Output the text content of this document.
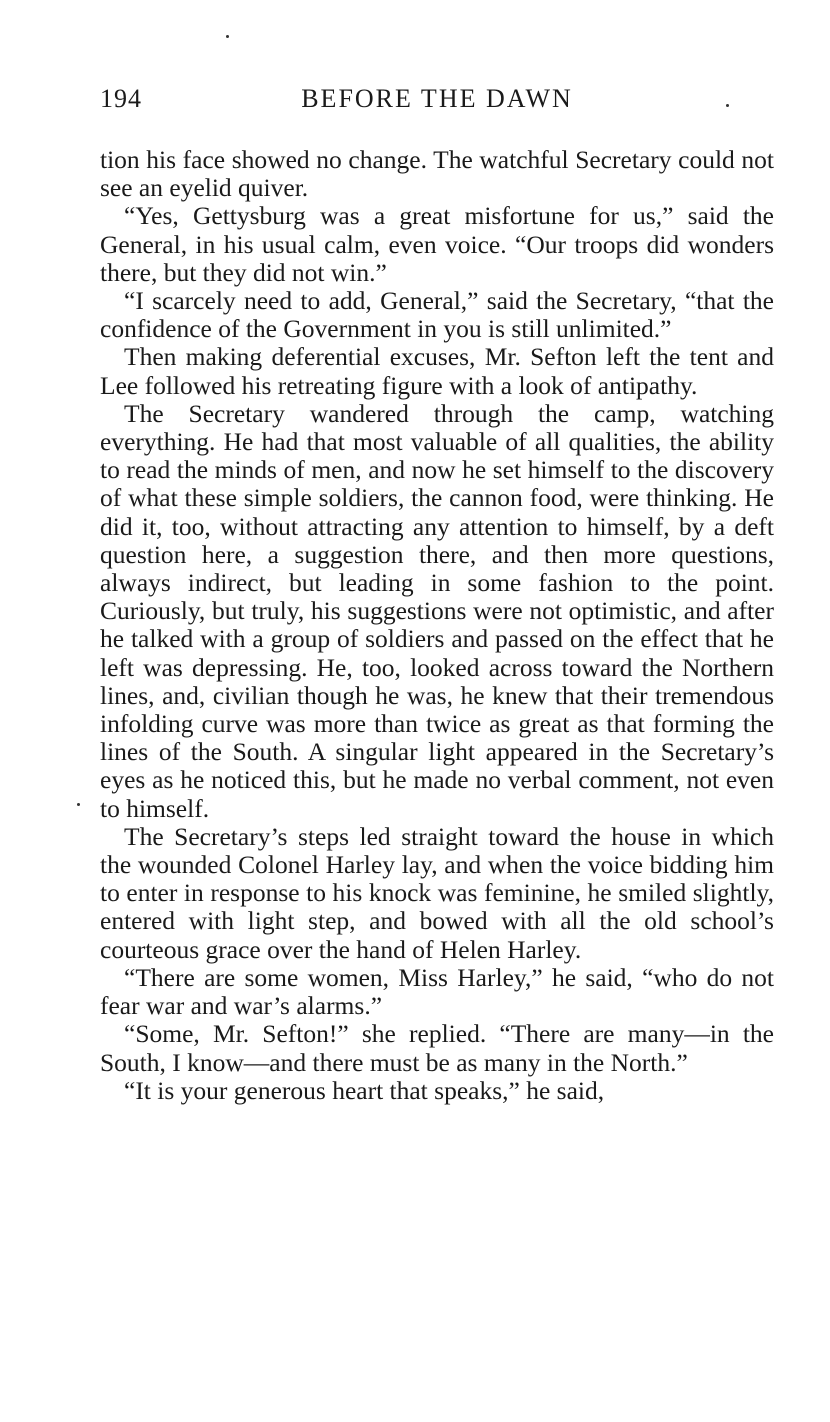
194	BEFORE THE DAWN

tion his face showed no change. The watchful Secretary could not see an eyelid quiver.

“Yes, Gettysburg was a great misfortune for us,” said the General, in his usual calm, even voice. “Our troops did wonders there, but they did not win.”

“I scarcely need to add, General,” said the Secretary, “that the confidence of the Government in you is still unlimited.”

Then making deferential excuses, Mr. Sefton left the tent and Lee followed his retreating figure with a look of antipathy.

The Secretary wandered through the camp, watching everything. He had that most valuable of all qualities, the ability to read the minds of men, and now he set himself to the discovery of what these simple soldiers, the cannon food, were thinking. He did it, too, without attracting any attention to himself, by a deft question here, a suggestion there, and then more questions, always indirect, but leading in some fashion to the point. Curiously, but truly, his suggestions were not optimistic, and after he talked with a group of soldiers and passed on the effect that he left was depressing. He, too, looked across toward the Northern lines, and, civilian though he was, he knew that their tremendous infolding curve was more than twice as great as that forming the lines of the South. A singular light appeared in the Secretary’s eyes as he noticed this, but he made no verbal comment, not even to himself.

The Secretary’s steps led straight toward the house in which the wounded Colonel Harley lay, and when the voice bidding him to enter in response to his knock was feminine, he smiled slightly, entered with light step, and bowed with all the old school’s courteous grace over the hand of Helen Harley.

“There are some women, Miss Harley,” he said, “who do not fear war and war’s alarms.”

“Some, Mr. Sefton!” she replied. “There are many—in the South, I know—and there must be as many in the North.”

“It is your generous heart that speaks,” he said,
